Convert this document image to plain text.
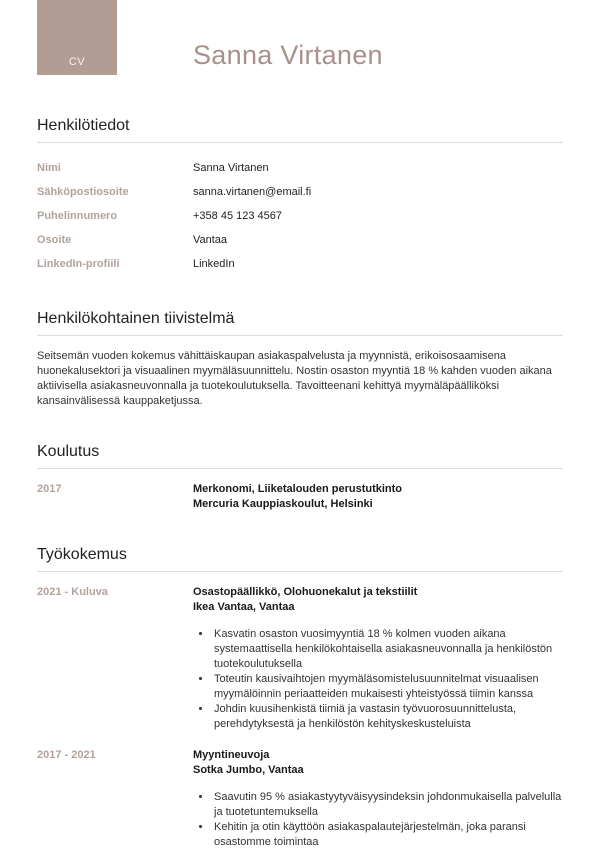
CV	Sanna Virtanen
Henkilötiedot
Nimi	Sanna Virtanen
Sähköpostiosoite	sanna.virtanen@email.fi
Puhelinnumero	+358 45 123 4567
Osoite	Vantaa
LinkedIn-profiili	LinkedIn
Henkilökohtainen tiivistelmä

Seitsemän vuoden kokemus vähittäiskaupan asiakaspalvelusta ja myynnistä, erikoisosaamisena huonekalusektori ja visuaalinen myymäläsuunnittelu. Nostin osaston myyntiä 18 % kahden vuoden aikana aktiivisella asiakasneuvonnalla ja tuotekoulutuksella. Tavoitteenani kehittyä myymäläpäälliköksi kansainvälisessä kauppaketjussa.

Koulutus
2017	Merkonomi, Liiketalouden perustutkinto
Mercuria Kauppiaskoulut, Helsinki
Työkokemus
2021 - Kuluva	Osastopäällikkö, Olohuonekalut ja tekstiilit
Ikea Vantaa, Vantaa
• Kasvatin osaston vuosimyyntiä 18 % kolmen vuoden aikana systemaattisella henkilökohtaisella asiakasneuvonnalla ja henkilöstön tuotekoulutuksella
• Toteutin kausivaihtojen myymäläsomistelusuunnitelmat visuaalisen myymälöinnin periaatteiden mukaisesti yhteistyössä tiimin kanssa
• Johdin kuusihenkistä tiimiä ja vastasin työvuorosuunnittelusta, perehdytyksestä ja henkilöstön kehityskeskusteluista
2017 - 2021	Myyntineuvoja
Sotka Jumbo, Vantaa
• Saavutin 95 % asiakastyytyväisyysindeksin johdonmukaisella palvelulla ja tuotetuntemuksella
• Kehitin ja otin käyttöön asiakaspalautejärjestelmän, joka paransi osastomme toimintaa
